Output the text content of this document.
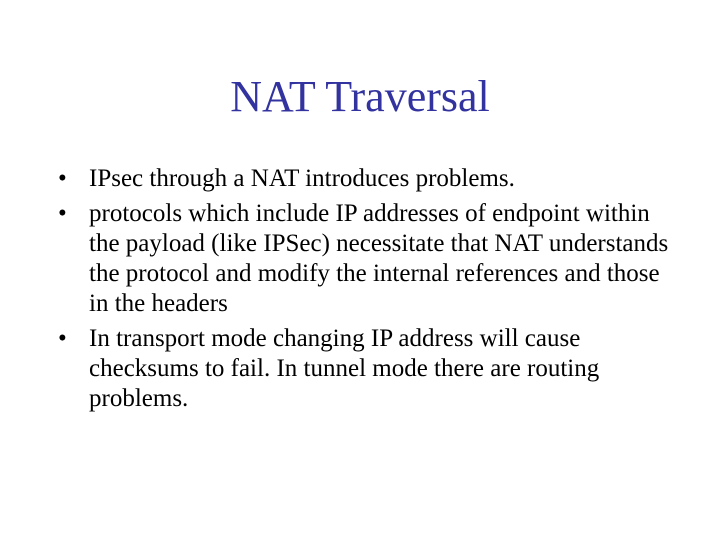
NAT Traversal
• IPsec through a NAT introduces problems.
• protocols which include IP addresses of endpoint within the payload (like IPSec) necessitate that NAT understands the protocol and modify the internal references and those in the headers
• In transport mode changing IP address will cause checksums to fail. In tunnel mode there are routing problems.
